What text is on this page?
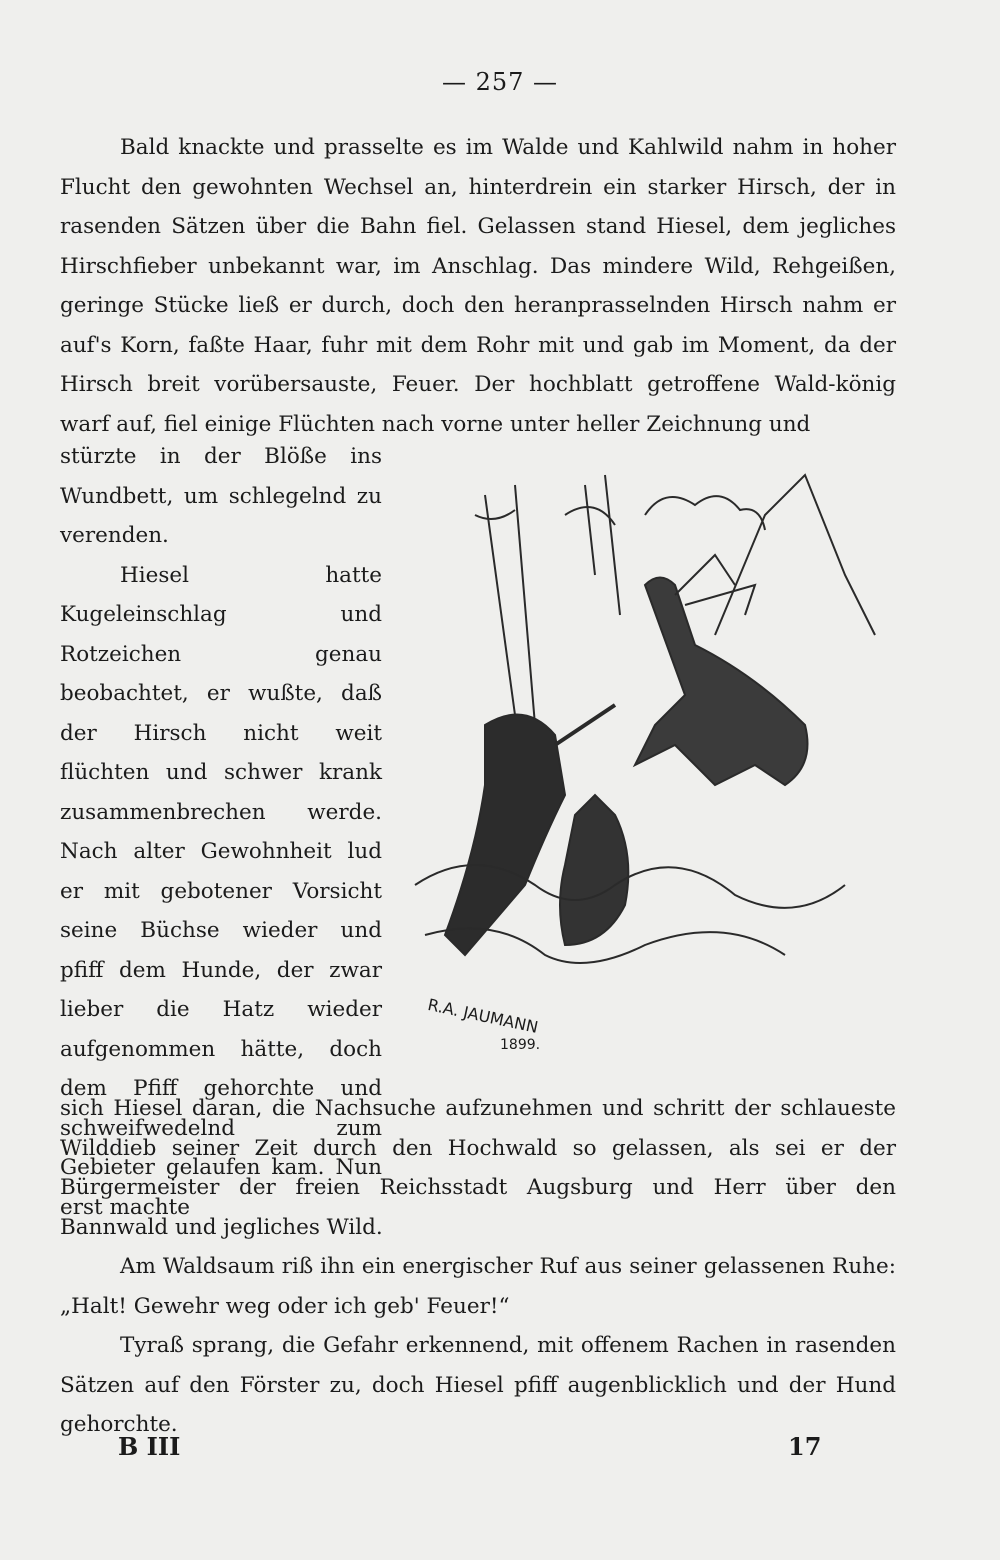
— 257 —

Bald knackte und prasselte es im Walde und Kahlwild nahm in hoher Flucht den gewohnten Wechsel an, hinterdrein ein starker Hirsch, der in rasenden Sätzen über die Bahn fiel. Gelassen stand Hiesel, dem jegliches Hirschfieber unbekannt war, im Anschlag. Das mindere Wild, Rehgeißen, geringe Stücke ließ er durch, doch den heranprasselnden Hirsch nahm er auf's Korn, faßte Haar, fuhr mit dem Rohr mit und gab im Moment, da der Hirsch breit vorübersauste, Feuer. Der hochblatt getroffene Wald-könig warf auf, fiel einige Flüchten nach vorne unter heller Zeichnung und

stürzte in der Blöße ins Wundbett, um schlegelnd zu verenden.

Hiesel hatte Kugeleinschlag und Rotzeichen genau beobachtet, er wußte, daß der Hirsch nicht weit flüchten und schwer krank zusammenbrechen werde. Nach alter Gewohnheit lud er mit gebotener Vorsicht seine Büchse wieder und pfiff dem Hunde, der zwar lieber die Hatz wieder aufgenommen hätte, doch dem Pfiff gehorchte und schweifwedelnd zum Gebieter gelaufen kam. Nun erst machte

R.A. JAUMANN
1899.

sich Hiesel daran, die Nachsuche aufzunehmen und schritt der schlaueste Wilddieb seiner Zeit durch den Hochwald so gelassen, als sei er der Bürgermeister der freien Reichsstadt Augsburg und Herr über den Bannwald und jegliches Wild.

Am Waldsaum riß ihn ein energischer Ruf aus seiner gelassenen Ruhe: „Halt! Gewehr weg oder ich geb' Feuer!“

Tyraß sprang, die Gefahr erkennend, mit offenem Rachen in rasenden Sätzen auf den Förster zu, doch Hiesel pfiff augenblicklich und der Hund gehorchte.

B III	17
